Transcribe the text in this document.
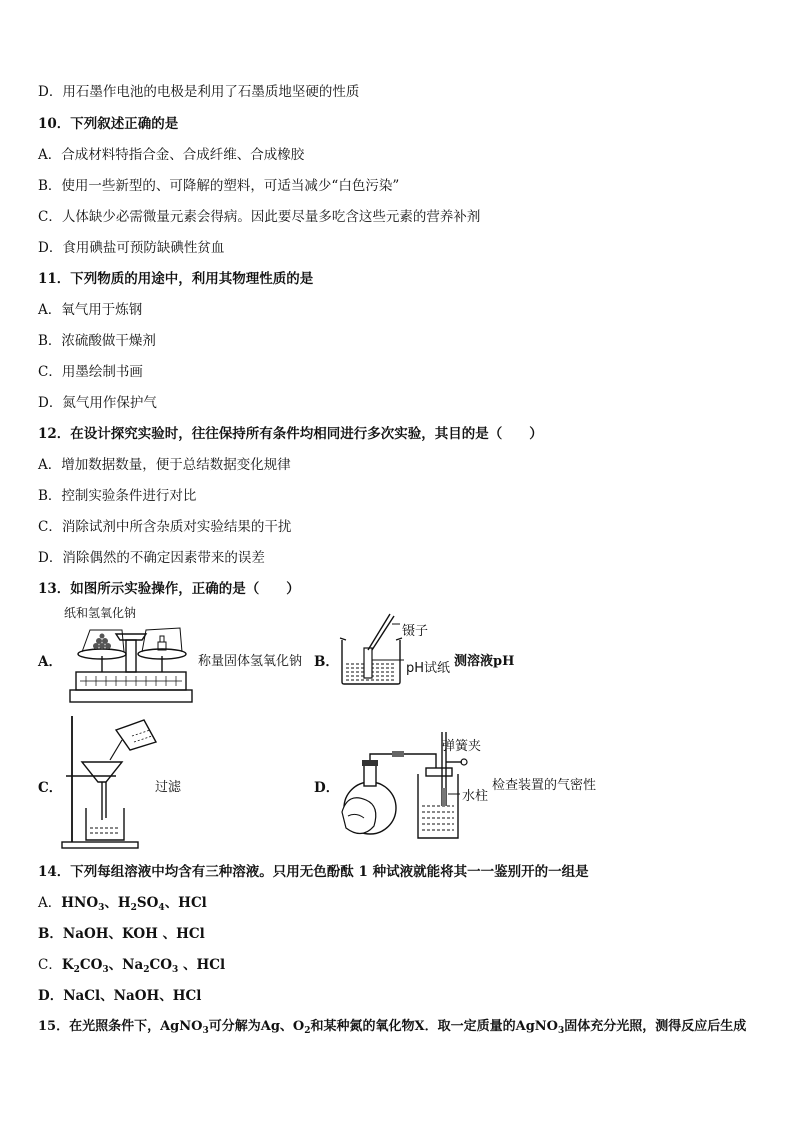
D．用石墨作电池的电极是利用了石墨质地坚硬的性质
10．下列叙述正确的是
A．合成材料特指合金、合成纤维、合成橡胶
B．使用一些新型的、可降解的塑料，可适当减少“白色污染”
C．人体缺少必需微量元素会得病。因此要尽量多吃含这些元素的营养补剂
D．食用碘盐可预防缺碘性贫血
11．下列物质的用途中，利用其物理性质的是
A．氧气用于炼钢
B．浓硫酸做干燥剂
C．用墨绘制书画
D．氮气用作保护气
12．在设计探究实验时，往往保持所有条件均相同进行多次实验，其目的是（　　）
A．增加数据数量，便于总结数据变化规律
B．控制实验条件进行对比
C．消除试剂中所含杂质对实验结果的干扰
D．消除偶然的不确定因素带来的误差
13．如图所示实验操作，正确的是（　　）
A．
纸和氢氧化钠
称量固体氢氧化钠 B．
镊子
pH试纸 测溶液pH
C．	过滤	D．
弹簧夹
水柱
检查装置的气密性
14．下列每组溶液中均含有三种溶液。只用无色酚酞 1 种试液就能将其一一鉴别开的一组是
A．$HNO_3$、$H_2SO_4$、HCl
B．NaOH、KOH 、HCl
C．$K_2CO_3$、$Na_2CO_3$ 、HCl
D．NaCl、NaOH、HCl
15．在光照条件下，AgNO$_3$可分解为Ag、$O_2$和某种氮的氧化物X．取一定质量的AgNO$_3$固体充分光照，测得反应后生成
